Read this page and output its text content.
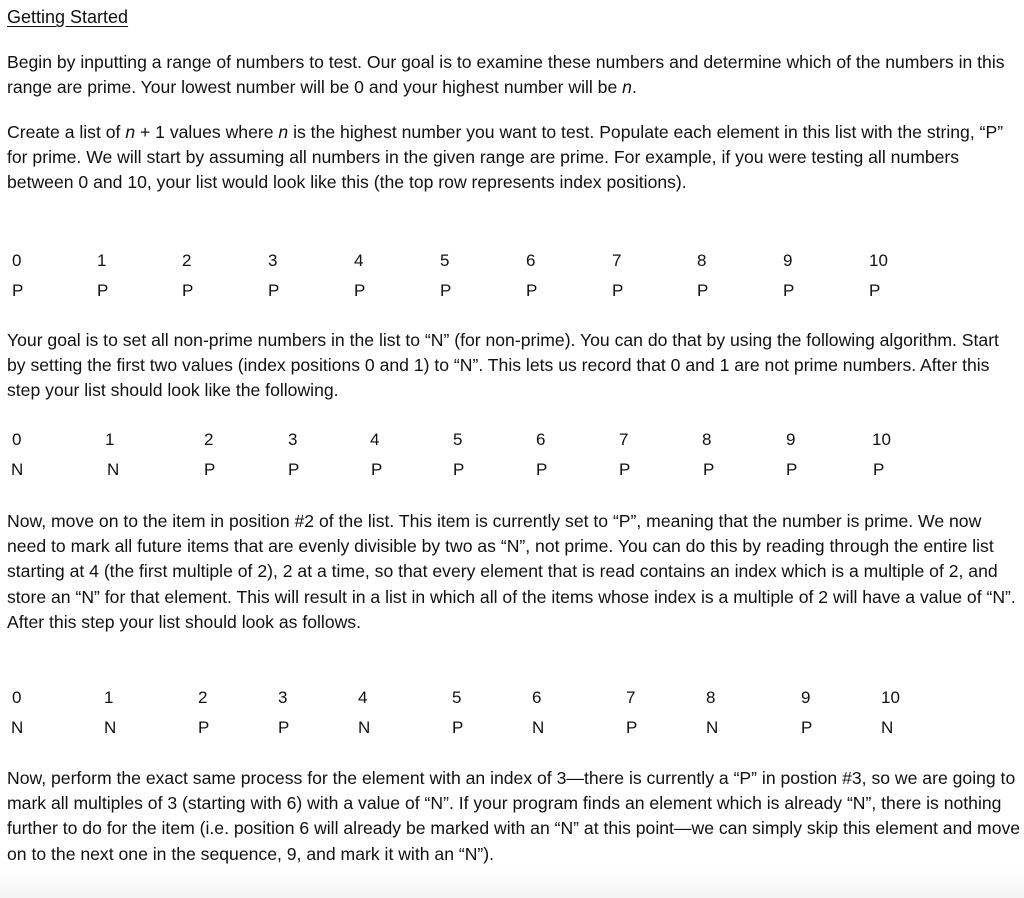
Getting Started

Begin by inputting a range of numbers to test. Our goal is to examine these numbers and determine which of the numbers in this range are prime. Your lowest number will be 0 and your highest number will be n.

Create a list of n + 1 values where n is the highest number you want to test. Populate each element in this list with the string, “P” for prime. We will start by assuming all numbers in the given range are prime. For example, if you were testing all numbers between 0 and 10, your list would look like this (the top row represents index positions).

0	1	2	3	4	5	6	7	8	9	10
P	P	P	P	P	P	P	P	P	P	P

Your goal is to set all non-prime numbers in the list to “N” (for non-prime). You can do that by using the following algorithm. Start by setting the first two values (index positions 0 and 1) to “N”. This lets us record that 0 and 1 are not prime numbers. After this step your list should look like the following.

0	1	2	3	4	5	6	7	8	9	10
N	N	P	P	P	P	P	P	P	P	P

Now, move on to the item in position #2 of the list. This item is currently set to “P”, meaning that the number is prime. We now need to mark all future items that are evenly divisible by two as “N”, not prime. You can do this by reading through the entire list starting at 4 (the first multiple of 2), 2 at a time, so that every element that is read contains an index which is a multiple of 2, and store an “N” for that element. This will result in a list in which all of the items whose index is a multiple of 2 will have a value of “N”. After this step your list should look as follows.

0	1	2	3	4	5	6	7	8	9	10
N	N	P	P	N	P	N	P	N	P	N

Now, perform the exact same process for the element with an index of 3—there is currently a “P” in postion #3, so we are going to mark all multiples of 3 (starting with 6) with a value of “N”. If your program finds an element which is already “N”, there is nothing further to do for the item (i.e. position 6 will already be marked with an “N” at this point—we can simply skip this element and move on to the next one in the sequence, 9, and mark it with an “N”).
